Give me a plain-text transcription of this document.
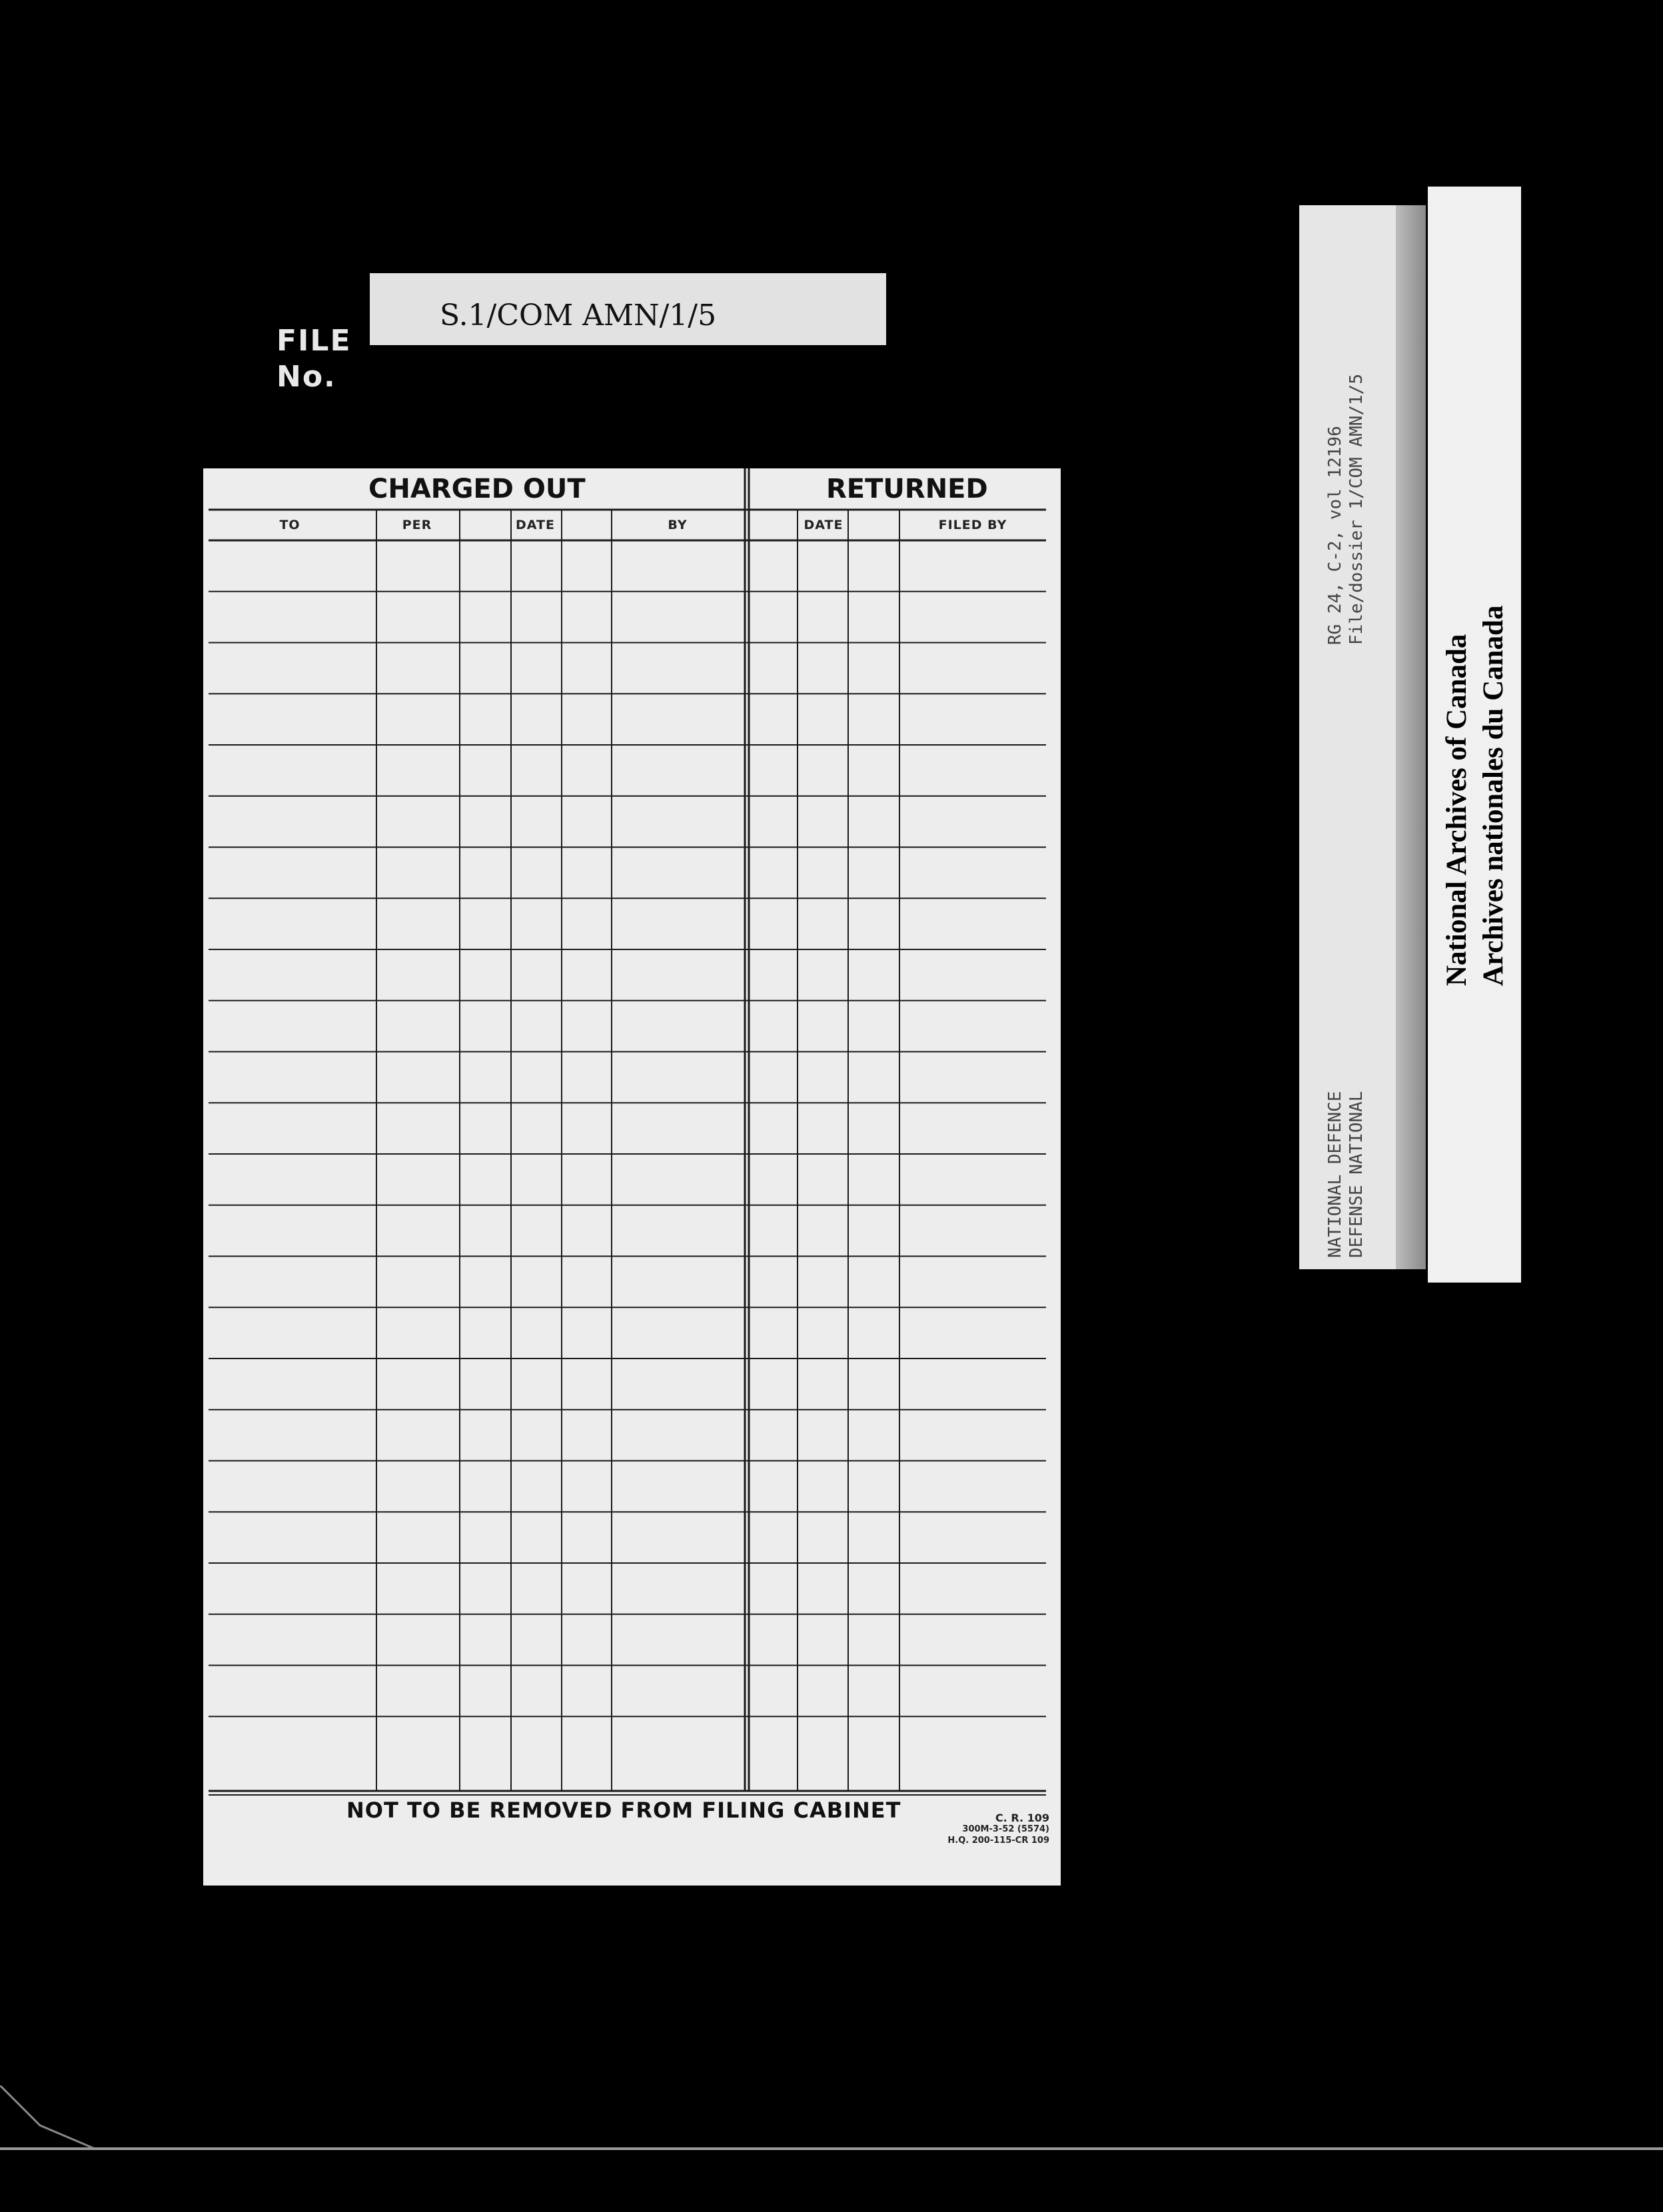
FILE
No.
S.1/COM AMN/1/5
CHARGED OUT	RETURNED
TO	PER	DATE	BY	DATE	FILED BY
NOT TO BE REMOVED FROM FILING CABINET	C. R. 109
300M-3-52 (5574)
H.Q. 200-115-CR 109
RG 24, C-2, vol 12196 File/dossier 1/COM AMN/1/5
NATIONAL DEFENCE DEFENSE NATIONAL
National Archives of Canada Archives nationales du Canada
